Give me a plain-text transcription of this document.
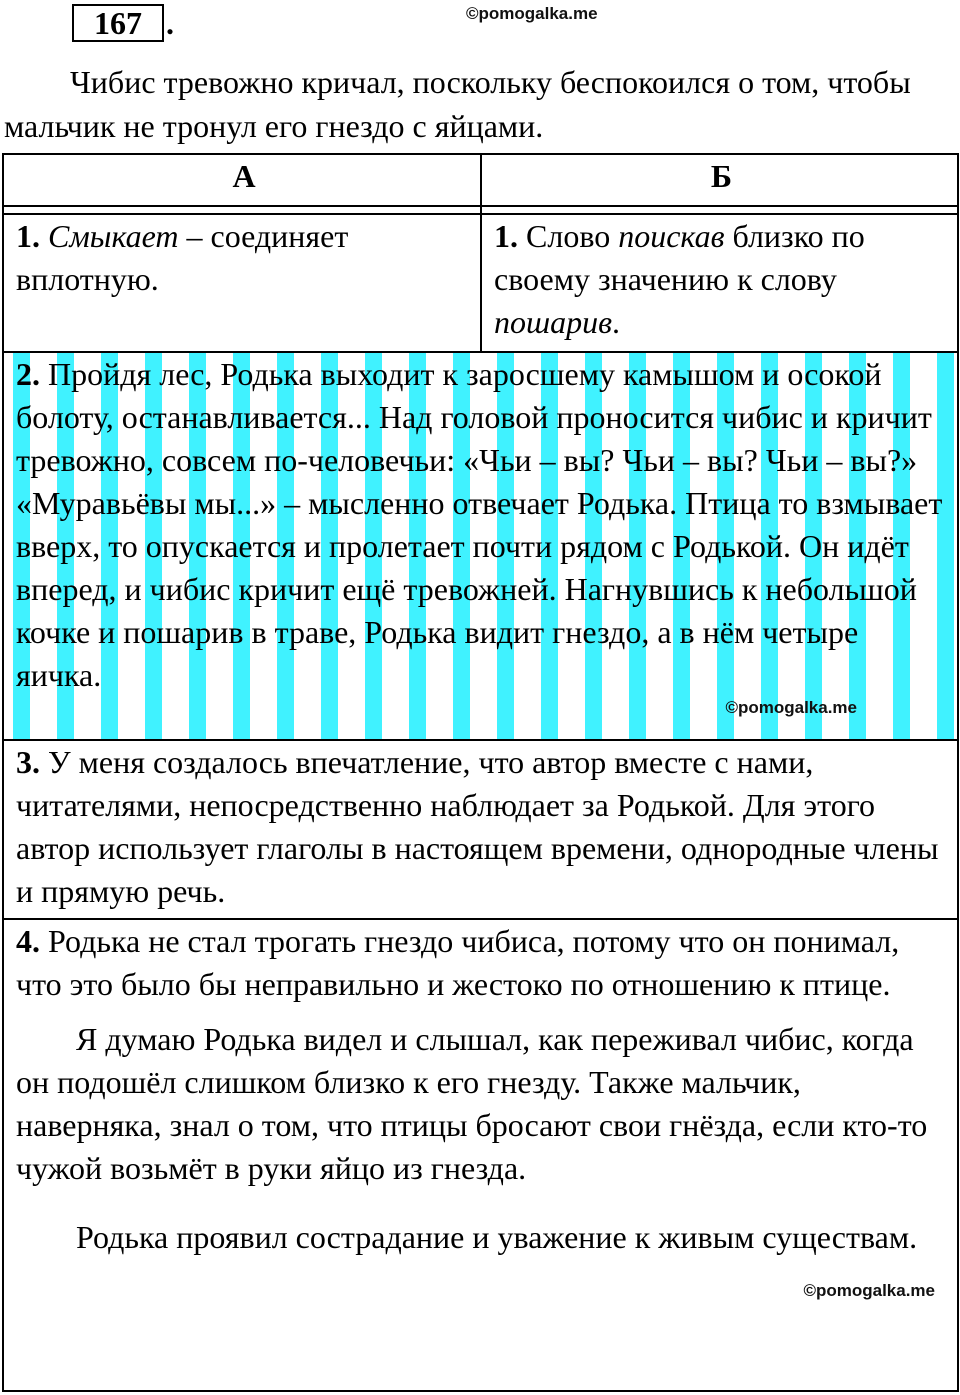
167 .	©pomogalka.me
Чибис тревожно кричал, поскольку беспокоился о том, чтобы мальчик не тронул его гнездо с яйцами.
А	Б

1. Смыкает – соединяет вплотную.	1. Слово поискав близко по своему значению к слову пошарив.

2. Пройдя лес, Родька выходит к заросшему камышом и осокой болоту, останавливается... Над головой проносится чибис и кричит тревожно, совсем по-человечьи: «Чьи – вы? Чьи – вы? Чьи – вы?» «Муравьёвы мы...» – мысленно отвечает Родька. Птица то взмывает вверх, то опускается и пролетает почти рядом с Родькой. Он идёт вперед, и чибис кричит ещё тревожней. Нагнувшись к небольшой кочке и пошарив в траве, Родька видит гнездо, а в нём четыре яичка.

©pomogalka.me	

3. У меня создалось впечатление, что автор вместе с нами, читателями, непосредственно наблюдает за Родькой. Для этого автор использует глаголы в настоящем времени, однородные члены и прямую речь.	

4. Родька не стал трогать гнездо чибиса, потому что он понимал, что это было бы неправильно и жестоко по отношению к птице.

Я думаю Родька видел и слышал, как переживал чибис, когда он подошёл слишком близко к его гнезду. Также мальчик, наверняка, знал о том, что птицы бросают свои гнёзда, если кто-то чужой возьмёт в руки яйцо из гнезда.

©pomogalka.me

Родька проявил сострадание и уважение к живым существам.	
